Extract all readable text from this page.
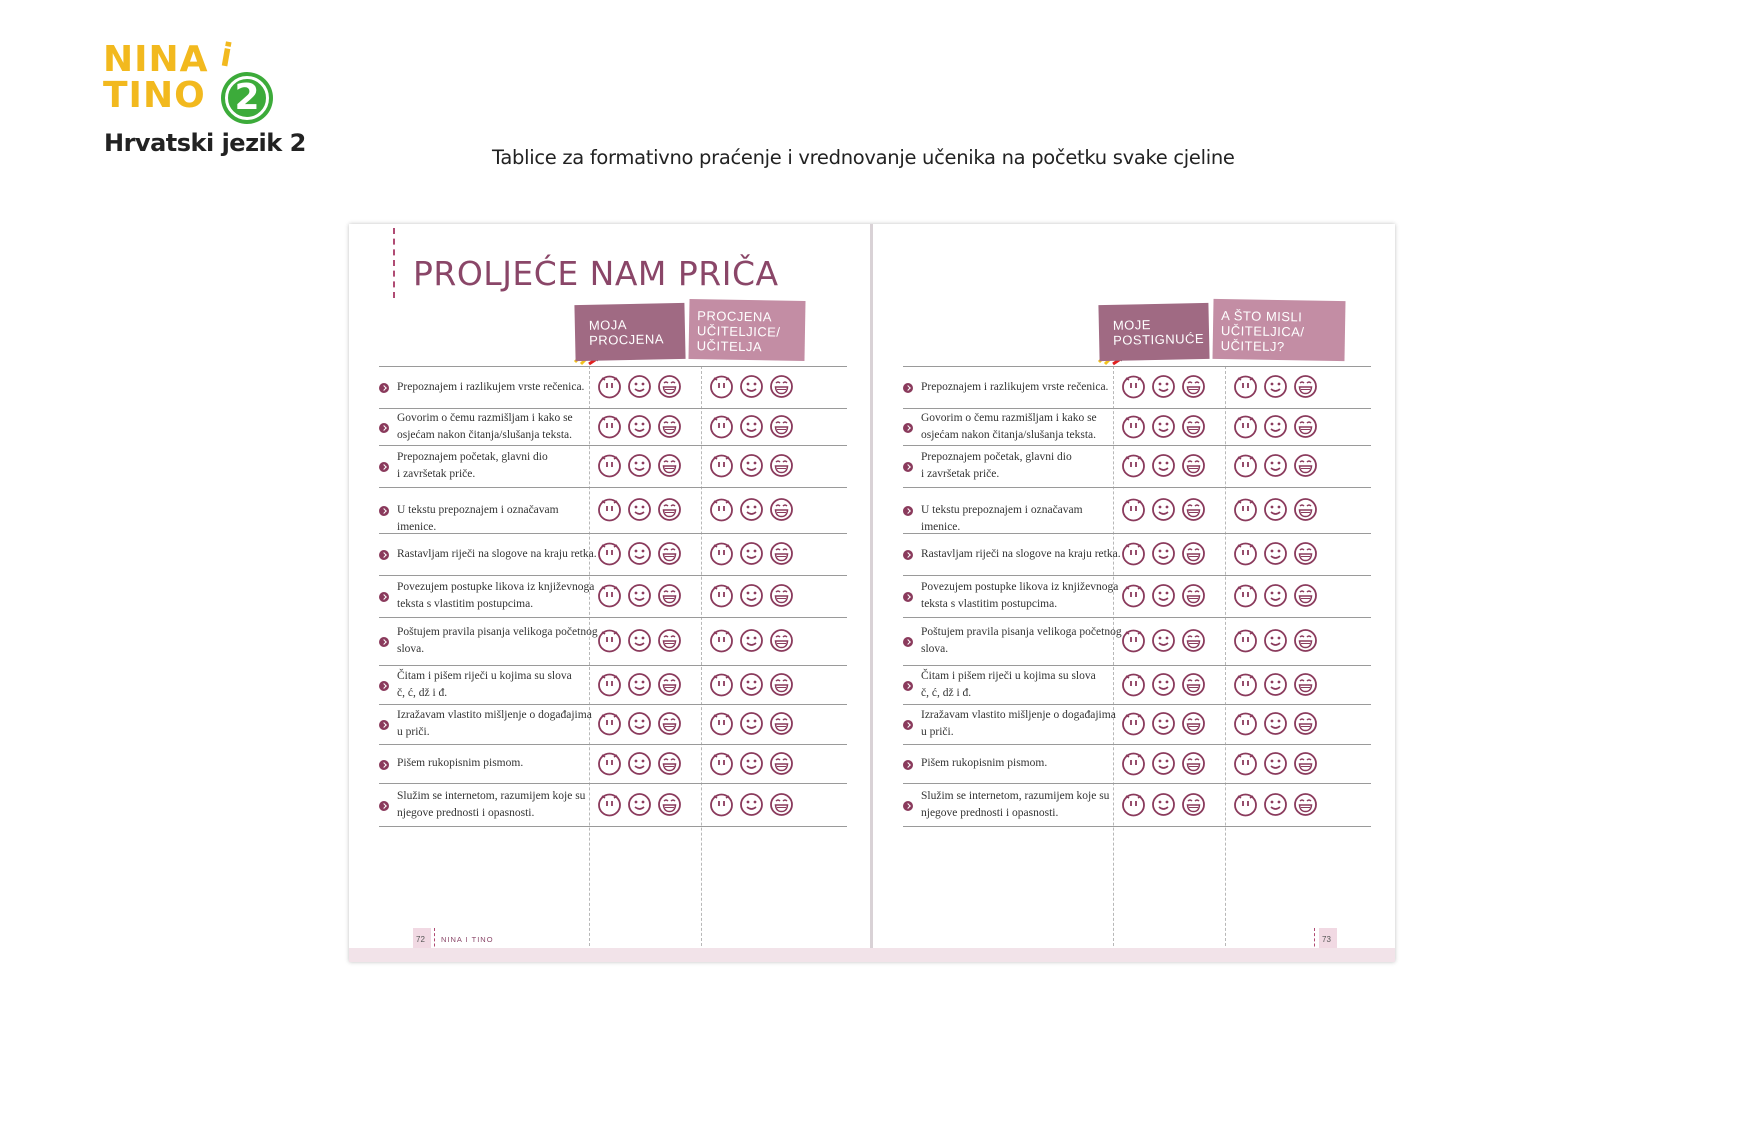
NINA i
TINO 2
Hrvatski jezik 2
Tablice za formativno praćenje i vrednovanje učenika na početku svake cjeline
PROLJEĆE NAM PRIČA
MOJA
PROCJENA
PROCJENA
UČITELJICE/
UČITELJA
Prepoznajem i razlikujem vrste rečenica.
Govorim o čemu razmišljam i kako se
osjećam nakon čitanja/slušanja teksta.
Prepoznajem početak, glavni dio
i završetak priče.
U tekstu prepoznajem i označavam imenice.
Rastavljam riječi na slogove na kraju retka.
Povezujem postupke likova iz književnoga
teksta s vlastitim postupcima.
Poštujem pravila pisanja velikoga početnog
slova.
Čitam i pišem riječi u kojima su slova
č, ć, dž i đ.
Izražavam vlastito mišljenje o događajima
u priči.
Pišem rukopisnim pismom.
Služim se internetom, razumijem koje su
njegove prednosti i opasnosti.
72 NINA I TINO
MOJE
POSTIGNUĆE
A ŠTO MISLI
UČITELJICA/
UČITELJ?
Prepoznajem i razlikujem vrste rečenica.
Govorim o čemu razmišljam i kako se
osjećam nakon čitanja/slušanja teksta.
Prepoznajem početak, glavni dio
i završetak priče.
U tekstu prepoznajem i označavam imenice.
Rastavljam riječi na slogove na kraju retka.
Povezujem postupke likova iz književnoga
teksta s vlastitim postupcima.
Poštujem pravila pisanja velikoga početnog
slova.
Čitam i pišem riječi u kojima su slova
č, ć, dž i đ.
Izražavam vlastito mišljenje o događajima
u priči.
Pišem rukopisnim pismom.
Služim se internetom, razumijem koje su
njegove prednosti i opasnosti.
73
